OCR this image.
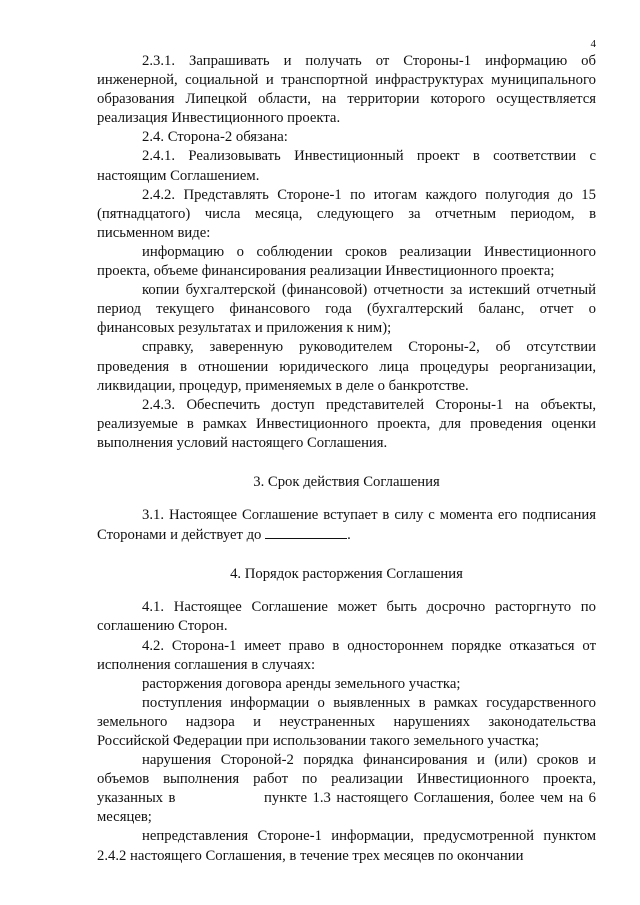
4

2.3.1. Запрашивать и получать от Стороны-1 информацию об инженерной, социальной и транспортной инфраструктурах муниципального образования Липецкой области, на территории которого осуществляется реализация Инвестиционного проекта.

2.4. Сторона-2 обязана:

2.4.1. Реализовывать Инвестиционный проект в соответствии с настоящим Соглашением.

2.4.2. Представлять Стороне-1 по итогам каждого полугодия до 15 (пятнадцатого) числа месяца, следующего за отчетным периодом, в письменном виде:

информацию о соблюдении сроков реализации Инвестиционного проекта, объеме финансирования реализации Инвестиционного проекта;

копии бухгалтерской (финансовой) отчетности за истекший отчетный период текущего финансового года (бухгалтерский баланс, отчет о финансовых результатах и приложения к ним);

справку, заверенную руководителем Стороны-2, об отсутствии проведения в отношении юридического лица процедуры реорганизации, ликвидации, процедур, применяемых в деле о банкротстве.

2.4.3. Обеспечить доступ представителей Стороны-1 на объекты, реализуемые в рамках Инвестиционного проекта, для проведения оценки выполнения условий настоящего Соглашения.

3. Срок действия Соглашения

3.1. Настоящее Соглашение вступает в силу с момента его подписания Сторонами и действует до	.

4. Порядок расторжения Соглашения

4.1. Настоящее Соглашение может быть досрочно расторгнуто по соглашению Сторон.

4.2. Сторона-1 имеет право в одностороннем порядке отказаться от исполнения соглашения в случаях:

расторжения договора аренды земельного участка;

поступления информации о выявленных в рамках государственного земельного надзора и неустраненных нарушениях законодательства Российской Федерации при использовании такого земельного участка;

нарушения Стороной-2 порядка финансирования и (или) сроков и объемов выполнения работ по реализации Инвестиционного проекта, указанных в                пункте 1.3 настоящего Соглашения, более чем на 6 месяцев;

непредставления Стороне-1 информации, предусмотренной пунктом 2.4.2 настоящего Соглашения, в течение трех месяцев по окончании
